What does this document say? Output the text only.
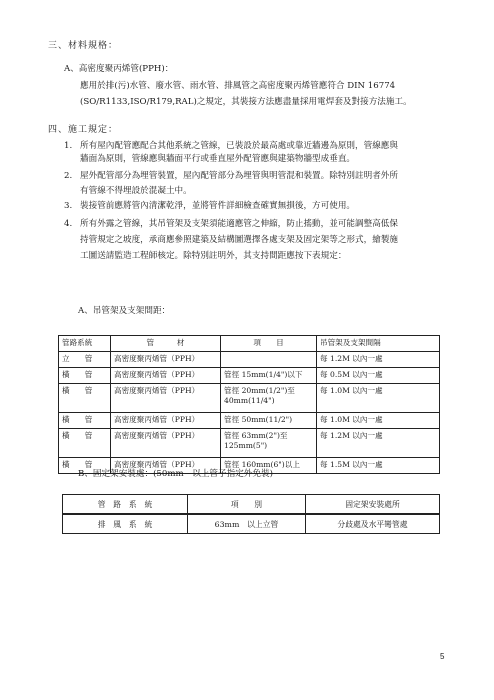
三、材料規格：
A、高密度聚丙烯管(PPH)：
應用於排(污)水管、廢水管、雨水管、排風管之高密度聚丙烯管應符合 DIN 16774
(SO/R1133,ISO/R179,RAL)之規定，其裝接方法應盡量採用電焊套及對接方法施工。
四、施工規定：
1. 所有屋內配管應配合其他系統之管線，已裝設於最高處或靠近牆邊為原則，管線應與
牆面為原則，管線應與牆面平行或垂直屋外配管應與建築物牆型成垂直。
2. 屋外配管部分為埋管裝置，屋內配管部分為埋管與明管混和裝置。除特別註明者外所
有管線不得埋設於混凝土中。
3. 裝接管前應將管內清潔乾淨，並將管件詳細檢查確實無損後，方可使用。
4. 所有外露之管線，其吊管架及支架須能適應管之伸縮，防止搖動，並可能調整高低保
持管規定之坡度，承商應參照建築及結構圖選擇各處支架及固定架等之形式，繪製施
工圖送請監造工程師核定。除特別註明外，其支持間距應按下表規定：
A、吊管架及支架間距：
管路系統	管　　　材	項　　目	吊管架及支架間隔
立　　管	高密度聚丙烯管（PPH）		每 1.2M 以內一處
橫　　管	高密度聚丙烯管（PPH）	管徑 15mm(1/4")以下	每 0.5M 以內一處
橫　　管	高密度聚丙烯管（PPH）	管徑 20mm(1/2")至 40mm(11/4")	每 1.0M 以內一處
橫　　管	高密度聚丙烯管（PPH）	管徑 50mm(11/2")	每 1.0M 以內一處
橫　　管	高密度聚丙烯管（PPH）	管徑 63mm(2")至 125mm(5")	每 1.2M 以內一處
橫　　管	高密度聚丙烯管（PPH）	管徑 160mm(6")以上	每 1.5M 以內一處
B、固定架安裝處：(50mm　以上管子指定外免裝)
管　路　系　統	項　　別	固定架安裝處所
排　風　系　統	63mm　以上立管	分歧處及水平彎管處
5
